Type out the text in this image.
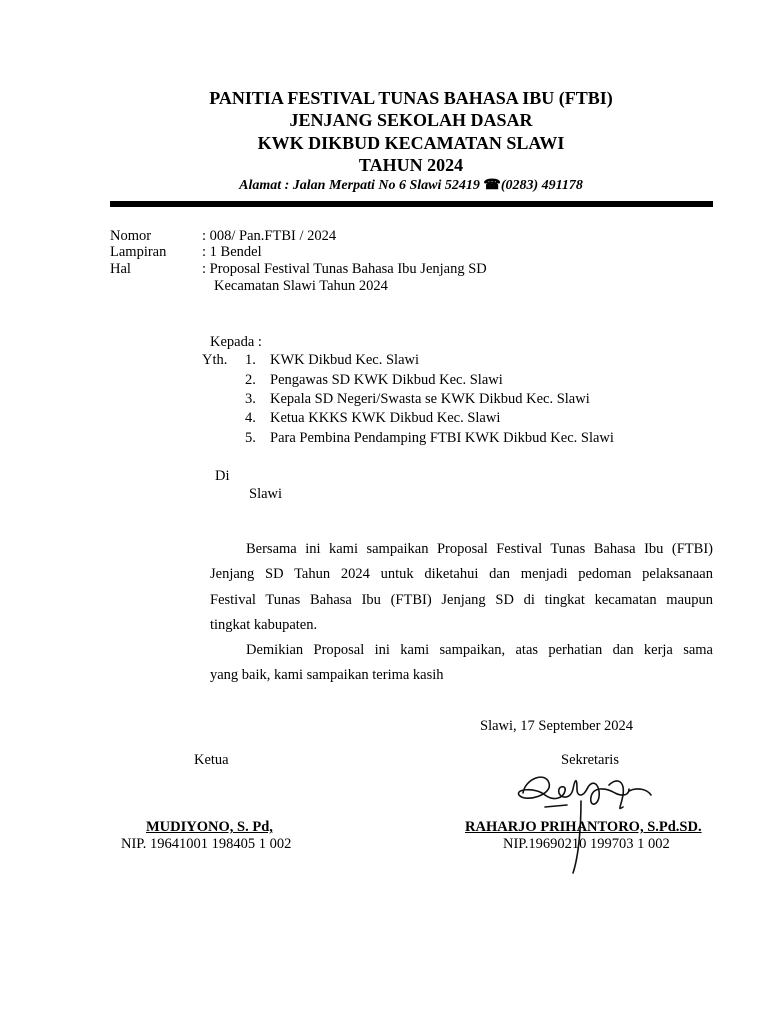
PANITIA FESTIVAL TUNAS BAHASA IBU (FTBI)
JENJANG SEKOLAH DASAR
KWK DIKBUD KECAMATAN SLAWI
TAHUN 2024
Alamat : Jalan Merpati No 6 Slawi 52419 ☎(0283) 491178
Nomor	: 008/ Pan.FTBI / 2024
Lampiran : 1 Bendel
Hal	: Proposal Festival Tunas Bahasa Ibu Jenjang SD
Kecamatan Slawi Tahun 2024
Kepada :
Yth. 1. KWK Dikbud Kec. Slawi
2. Pengawas SD KWK Dikbud Kec. Slawi
3. Kepala SD Negeri/Swasta se KWK Dikbud Kec. Slawi
4. Ketua KKKS KWK Dikbud Kec. Slawi
5. Para Pembina Pendamping FTBI KWK Dikbud Kec. Slawi
Di
Slawi
Bersama ini kami sampaikan Proposal Festival Tunas Bahasa Ibu (FTBI)
Jenjang SD Tahun 2024 untuk diketahui dan menjadi pedoman pelaksanaan
Festival Tunas Bahasa Ibu (FTBI) Jenjang SD di tingkat kecamatan maupun
tingkat kabupaten.
Demikian Proposal ini kami sampaikan, atas perhatian dan kerja sama
yang baik, kami sampaikan terima kasih
Slawi, 17 September 2024
Ketua	Sekretaris
MUDIYONO, S. Pd,
NIP. 19641001 198405 1 002
RAHARJO PRIHANTORO, S.Pd.SD.
NIP.19690210 199703 1 002
